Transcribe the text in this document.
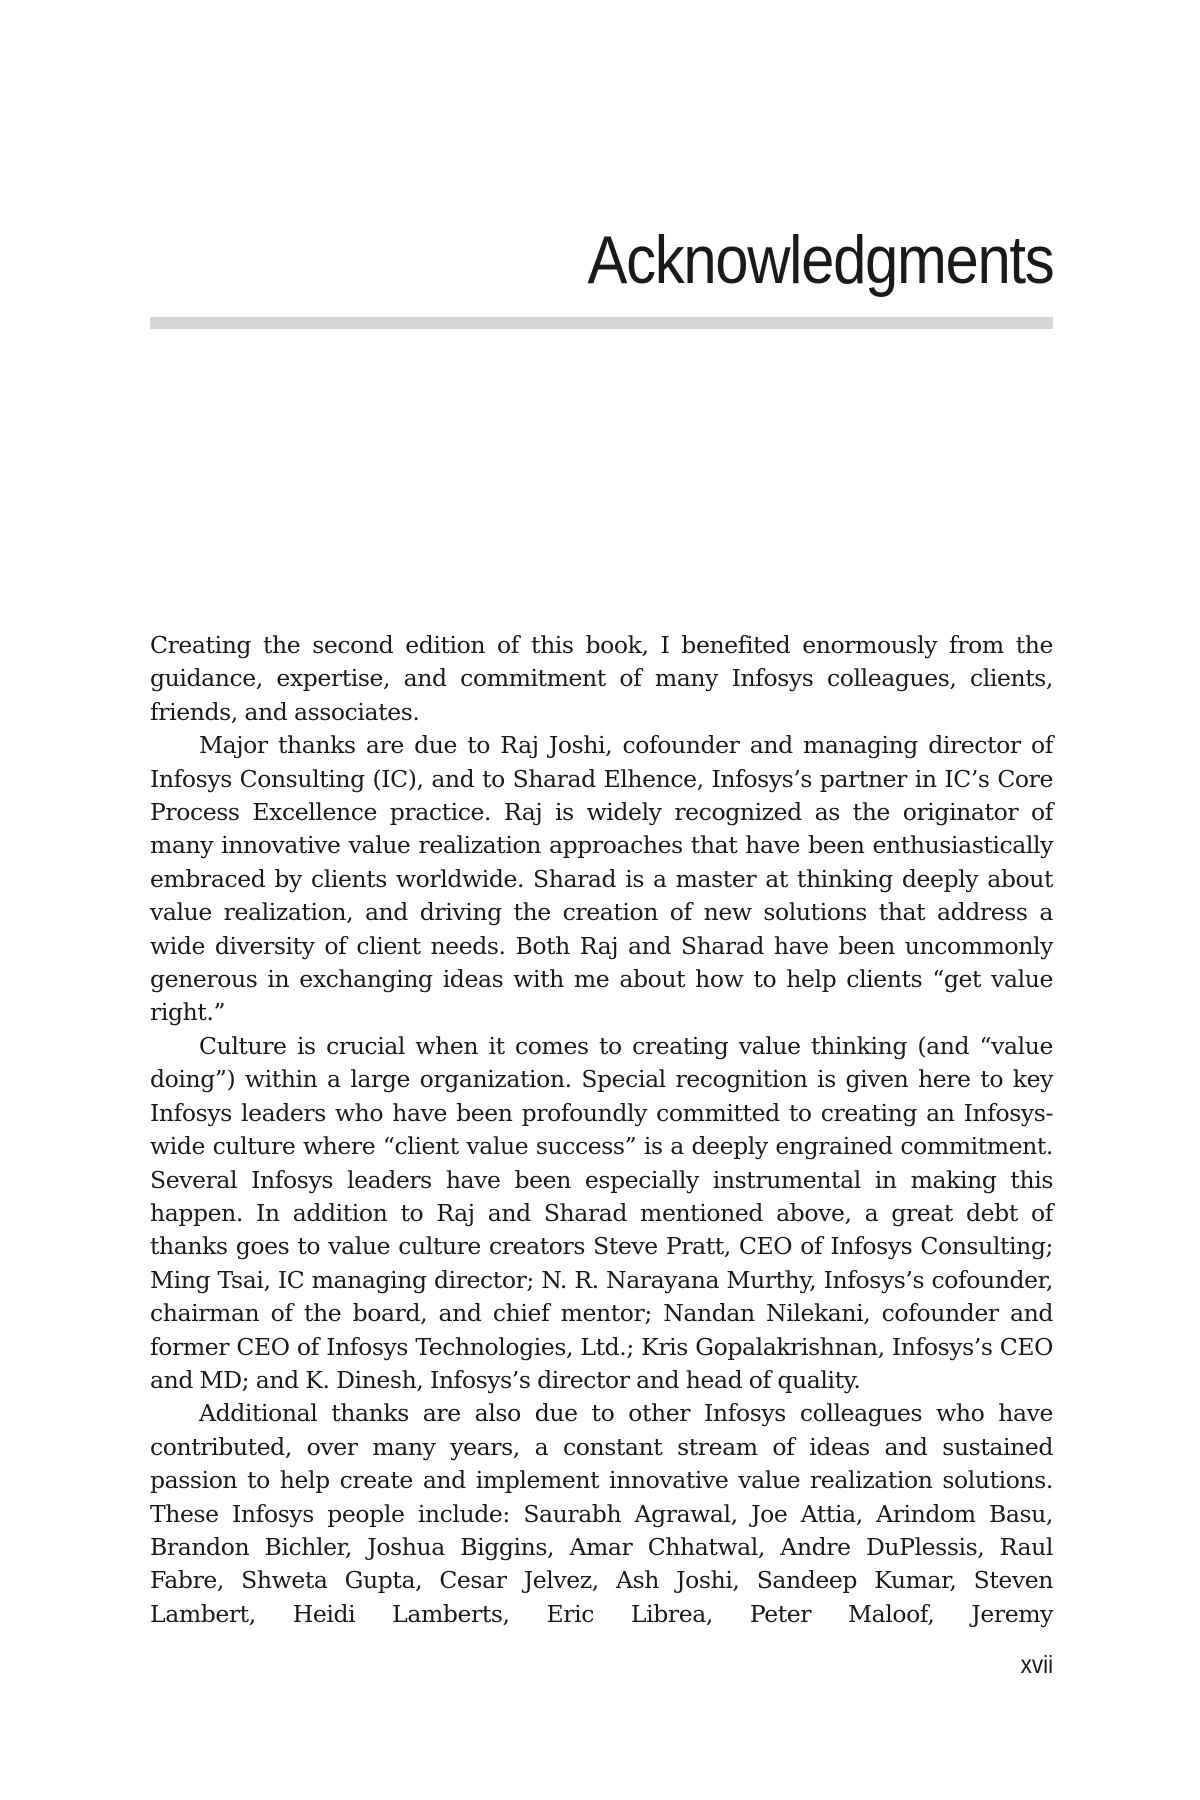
Acknowledgments

Creating the second edition of this book, I benefited enormously from the guidance, expertise, and commitment of many Infosys colleagues, clients, friends, and associates.

Major thanks are due to Raj Joshi, cofounder and managing director of Infosys Consulting (IC), and to Sharad Elhence, Infosys’s partner in IC’s Core Process Excellence practice. Raj is widely recognized as the originator of many innovative value realization approaches that have been enthusiastically embraced by clients worldwide. Sharad is a master at thinking deeply about value realization, and driving the creation of new solutions that address a wide diversity of client needs. Both Raj and Sharad have been uncommonly generous in exchanging ideas with me about how to help clients “get value right.”

Culture is crucial when it comes to creating value thinking (and “value doing”) within a large organization. Special recognition is given here to key Infosys leaders who have been profoundly committed to creating an Infosys-wide culture where “client value success” is a deeply engrained commitment. Several Infosys leaders have been especially instrumental in making this happen. In addition to Raj and Sharad mentioned above, a great debt of thanks goes to value culture creators Steve Pratt, CEO of Infosys Consulting; Ming Tsai, IC managing director; N. R. Narayana Murthy, Infosys’s cofounder, chairman of the board, and chief mentor; Nandan Nilekani, cofounder and former CEO of Infosys Technologies, Ltd.; Kris Gopalakrishnan, Infosys’s CEO and MD; and K. Dinesh, Infosys’s director and head of quality.

Additional thanks are also due to other Infosys colleagues who have contributed, over many years, a constant stream of ideas and sustained passion to help create and implement innovative value realization solutions. These Infosys people include: Saurabh Agrawal, Joe Attia, Arindom Basu, Brandon Bichler, Joshua Biggins, Amar Chhatwal, Andre DuPlessis, Raul Fabre, Shweta Gupta, Cesar Jelvez, Ash Joshi, Sandeep Kumar, Steven Lambert, Heidi Lamberts, Eric Librea, Peter Maloof, Jeremy

xvii
